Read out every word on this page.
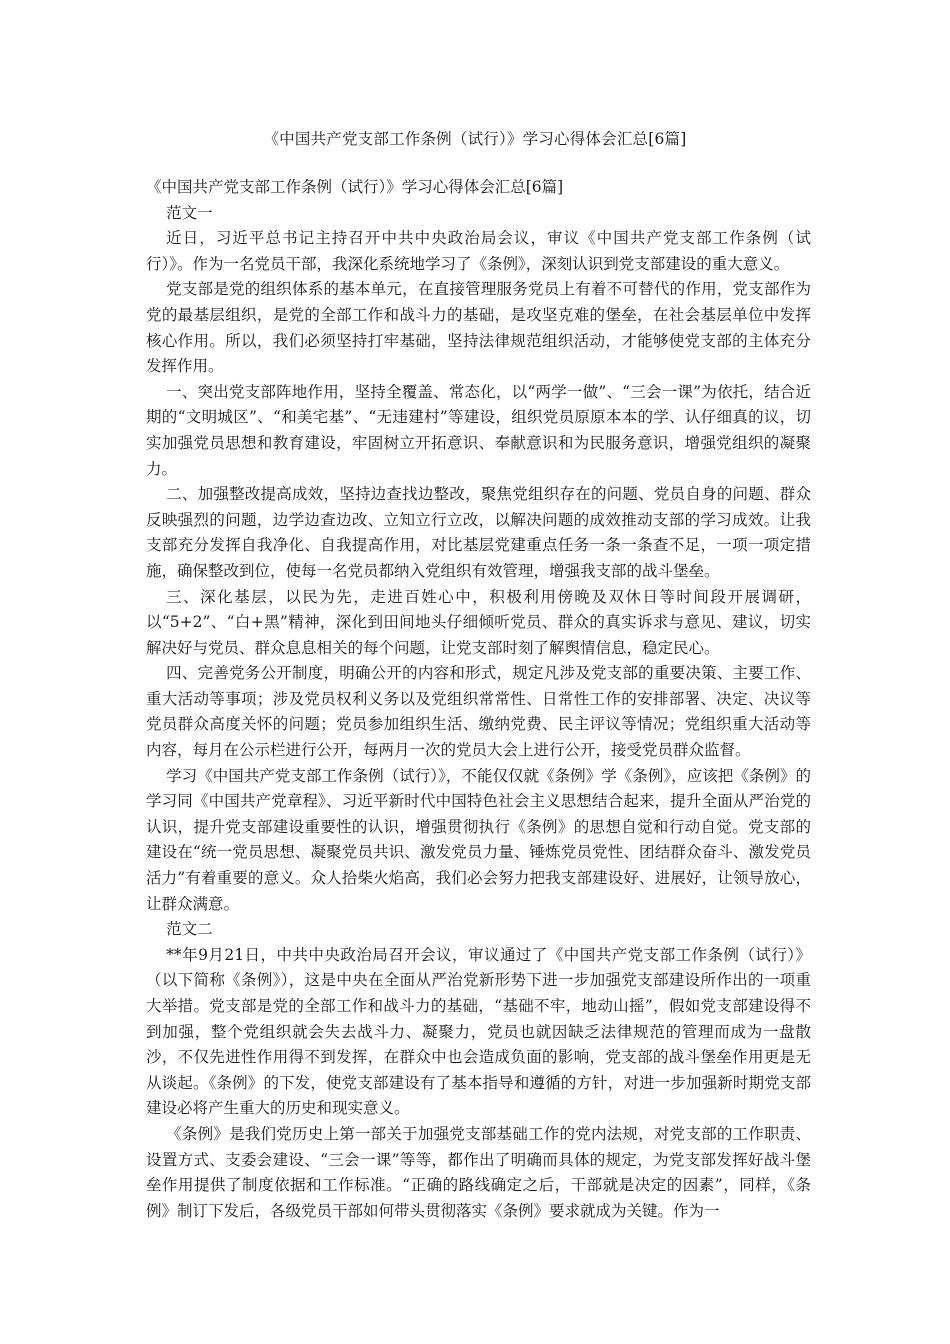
《中国共产党支部工作条例（试行）》学习心得体会汇总[6篇]

《中国共产党支部工作条例（试行）》学习心得体会汇总[6篇]

范文一

近日，习近平总书记主持召开中共中央政治局会议，审议《中国共产党支部工作条例（试行）》。作为一名党员干部，我深化系统地学习了《条例》，深刻认识到党支部建设的重大意义。

党支部是党的组织体系的基本单元，在直接管理服务党员上有着不可替代的作用，党支部作为党的最基层组织，是党的全部工作和战斗力的基础，是攻坚克难的堡垒，在社会基层单位中发挥核心作用。所以，我们必须坚持打牢基础，坚持法律规范组织活动，才能够使党支部的主体充分发挥作用。

一、突出党支部阵地作用，坚持全覆盖、常态化，以“两学一做”、“三会一课”为依托，结合近期的“文明城区”、“和美宅基”、“无违建村”等建设，组织党员原原本本的学、认仔细真的议，切实加强党员思想和教育建设，牢固树立开拓意识、奉献意识和为民服务意识，增强党组织的凝聚力。

二、加强整改提高成效，坚持边查找边整改，聚焦党组织存在的问题、党员自身的问题、群众反映强烈的问题，边学边查边改、立知立行立改，以解决问题的成效推动支部的学习成效。让我支部充分发挥自我净化、自我提高作用，对比基层党建重点任务一条一条查不足，一项一项定措施，确保整改到位，使每一名党员都纳入党组织有效管理，增强我支部的战斗堡垒。

三、深化基层，以民为先，走进百姓心中，积极利用傍晚及双休日等时间段开展调研，以“5+2”、“白+黑”精神，深化到田间地头仔细倾听党员、群众的真实诉求与意见、建议，切实解决好与党员、群众息息相关的每个问题，让党支部时刻了解舆情信息，稳定民心。

四、完善党务公开制度，明确公开的内容和形式，规定凡涉及党支部的重要决策、主要工作、重大活动等事项；涉及党员权利义务以及党组织常常性、日常性工作的安排部署、决定、决议等党员群众高度关怀的问题；党员参加组织生活、缴纳党费、民主评议等情况；党组织重大活动等内容，每月在公示栏进行公开，每两月一次的党员大会上进行公开，接受党员群众监督。

学习《中国共产党支部工作条例（试行）》，不能仅仅就《条例》学《条例》，应该把《条例》的学习同《中国共产党章程》、习近平新时代中国特色社会主义思想结合起来，提升全面从严治党的认识，提升党支部建设重要性的认识，增强贯彻执行《条例》的思想自觉和行动自觉。党支部的建设在“统一党员思想、凝聚党员共识、激发党员力量、锤炼党员党性、团结群众奋斗、激发党员活力”有着重要的意义。众人拾柴火焰高，我们必会努力把我支部建设好、进展好，让领导放心，让群众满意。

范文二

**年9月21日，中共中央政治局召开会议，审议通过了《中国共产党支部工作条例（试行）》（以下简称《条例》），这是中央在全面从严治党新形势下进一步加强党支部建设所作出的一项重大举措。党支部是党的全部工作和战斗力的基础，“基础不牢，地动山摇”，假如党支部建设得不到加强，整个党组织就会失去战斗力、凝聚力，党员也就因缺乏法律规范的管理而成为一盘散沙，不仅先进性作用得不到发挥，在群众中也会造成负面的影响，党支部的战斗堡垒作用更是无从谈起。《条例》的下发，使党支部建设有了基本指导和遵循的方针，对进一步加强新时期党支部建设必将产生重大的历史和现实意义。

《条例》是我们党历史上第一部关于加强党支部基础工作的党内法规，对党支部的工作职责、设置方式、支委会建设、“三会一课”等等，都作出了明确而具体的规定，为党支部发挥好战斗堡垒作用提供了制度依据和工作标准。“正确的路线确定之后，干部就是决定的因素”，同样，《条例》制订下发后，各级党员干部如何带头贯彻落实《条例》要求就成为关键。作为一
